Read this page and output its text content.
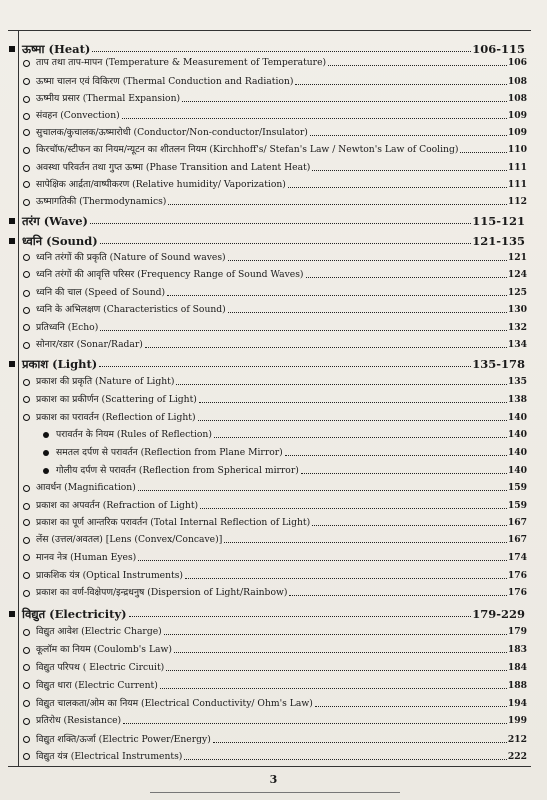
ऊष्मा (Heat)	106-115
ताप तथा ताप-मापन (Temperature & Measurement of Temperature)	106
ऊष्मा चालन एवं विकिरण (Thermal Conduction and Radiation)	108
ऊष्मीय प्रसार (Thermal Expansion)	108
संवहन (Convection)	109
सुचालक/कुचालक/ऊष्मारोधी (Conductor/Non-conductor/Insulator)	109
किरचॉफ/स्टीफन का नियम/न्यूटन का शीतलन नियम (Kirchhoff's/ Stefan's Law / Newton's Law of Cooling)	110
अवस्था परिवर्तन तथा गुप्त ऊष्मा (Phase Transition and Latent Heat)	111
सापेक्षिक आर्द्रता/वाष्पीकरण (Relative humidity/ Vaporization)	111
ऊष्मागतिकी (Thermodynamics)	112
तरंग (Wave)	115-121
ध्वनि (Sound)	121-135
ध्वनि तरंगों की प्रकृति (Nature of Sound waves)	121
ध्वनि तरंगों की आवृत्ति परिसर (Frequency Range of Sound Waves)	124
ध्वनि की चाल (Speed of Sound)	125
ध्वनि के अभिलक्षण (Characteristics of Sound)	130
प्रतिध्वनि (Echo)	132
सोनार/रडार (Sonar/Radar)	134
प्रकाश (Light)	135-178
प्रकाश की प्रकृति (Nature of Light)	135
प्रकाश का प्रकीर्णन (Scattering of Light)	138
प्रकाश का परावर्तन (Reflection of Light)	140
परावर्तन के नियम (Rules of Reflection)	140
समतल दर्पण से परावर्तन (Reflection from Plane Mirror)	140
गोलीय दर्पण से परावर्तन (Reflection from Spherical mirror)	140
आवर्धन (Magnification)	159
प्रकाश का अपवर्तन (Refraction of Light)	159
प्रकाश का पूर्ण आन्तरिक परावर्तन (Total Internal Reflection of Light)	167
लेंस (उत्तल/अवतल) [Lens (Convex/Concave)]	167
मानव नेत्र (Human Eyes)	174
प्राकशिक यंत्र (Optical Instruments)	176
प्रकाश का वर्ण-विक्षेपण/इन्द्रधनुष (Dispersion of Light/Rainbow)	176
विद्युत (Electricity)	179-229
विद्युत आवेश (Electric Charge)	179
कूलॉम का नियम (Coulomb's Law)	183
विद्युत परिपथ ( Electric Circuit)	184
विद्युत धारा (Electric Current)	188
विद्युत चालकता/ओम का नियम (Electrical Conductivity/ Ohm's Law)	194
प्रतिरोध (Resistance)	199
विद्युत शक्ति/ऊर्जा (Electric Power/Energy)	212
विद्युत यंत्र (Electrical Instruments)	222
3
